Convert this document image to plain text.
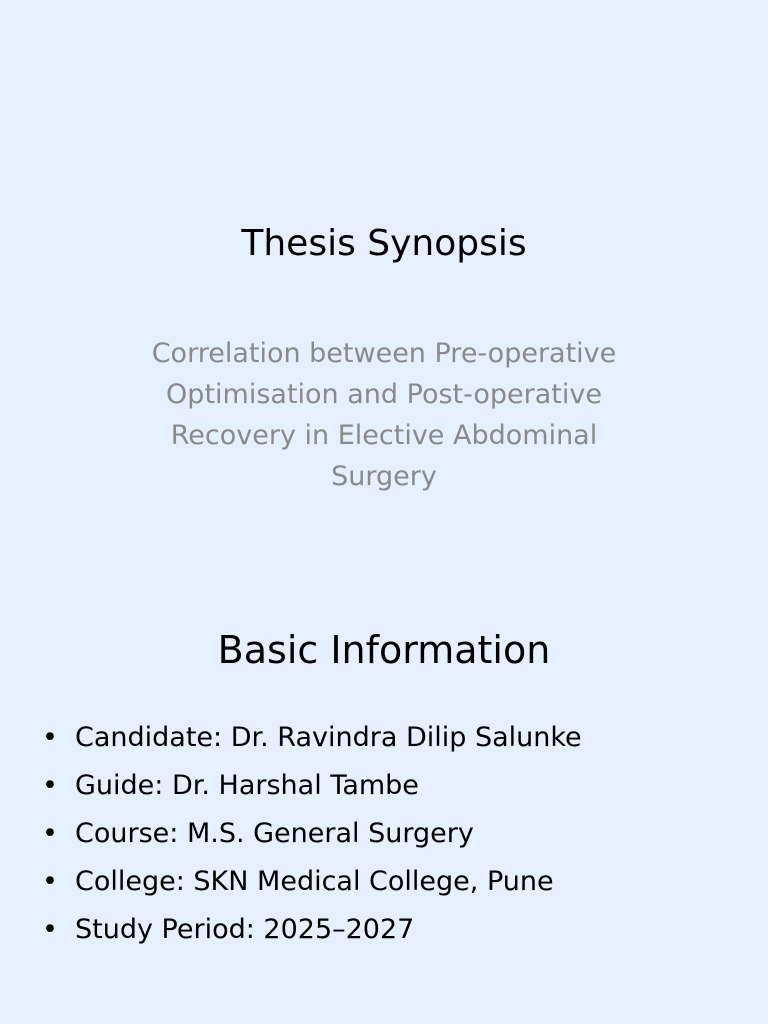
Thesis Synopsis

Correlation between Pre-operative Optimisation and Post-operative Recovery in Elective Abdominal Surgery

Basic Information
• Candidate: Dr. Ravindra Dilip Salunke
• Guide: Dr. Harshal Tambe
• Course: M.S. General Surgery
• College: SKN Medical College, Pune
• Study Period: 2025–2027
